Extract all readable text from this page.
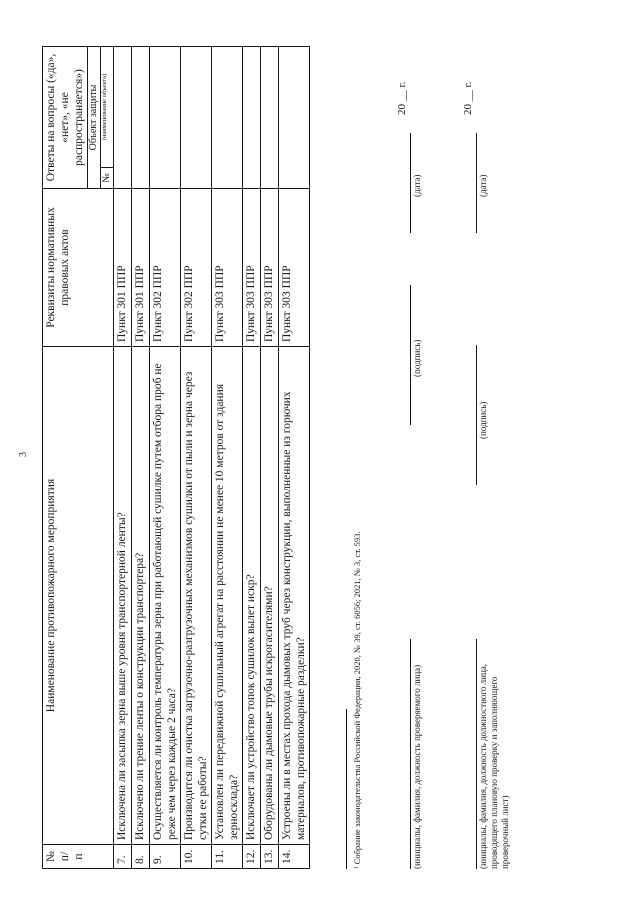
3
№ п/п	Наименование противопожарного мероприятия	Реквизиты нормативных правовых актов	Ответы на вопросы («да», «нет», «не распространяется»)

			Объект защиты
№
(наименование объекта)

7.	Исключена ли засыпка зерна выше уровня транспортерной ленты?	Пункт 301 ППР	
8.	Исключено ли трение ленты о конструкции транспортера?	Пункт 301 ППР	
9.	Осуществляется ли контроль температуры зерна при работающей сушилке путем отбора проб не реже чем через каждые 2 часа?	Пункт 302 ППР	
10.	Производится ли очистка загрузочно-разгрузочных механизмов сушилки от пыли и зерна через сутки ее работы?	Пункт 302 ППР	
11.	Установлен ли передвижной сушильный агрегат на расстоянии не менее 10 метров от здания зерносклада?	Пункт 303 ППР	
12.	Исключает ли устройство топок сушилок вылет искр?	Пункт 303 ППР	
13.	Оборудованы ли дымовые трубы искрогасителями?	Пункт 303 ППР	
14.	Устроены ли в местах прохода дымовых труб через конструкции, выполненные из горючих материалов, противопожарные разделки?	Пункт 303 ППР	
¹ Собрание законодательства Российской Федерации, 2020, № 39, ст. 6056; 2021, № 3, ст. 593.	(инициалы, фамилия, должность проверяемого лица)
(подпись)
(дата)
20 __ г.
(инициалы, фамилия, должность должностного лица, проводящего плановую проверку и заполняющего проверочный лист)
(подпись)
(дата)
20 __ г.
